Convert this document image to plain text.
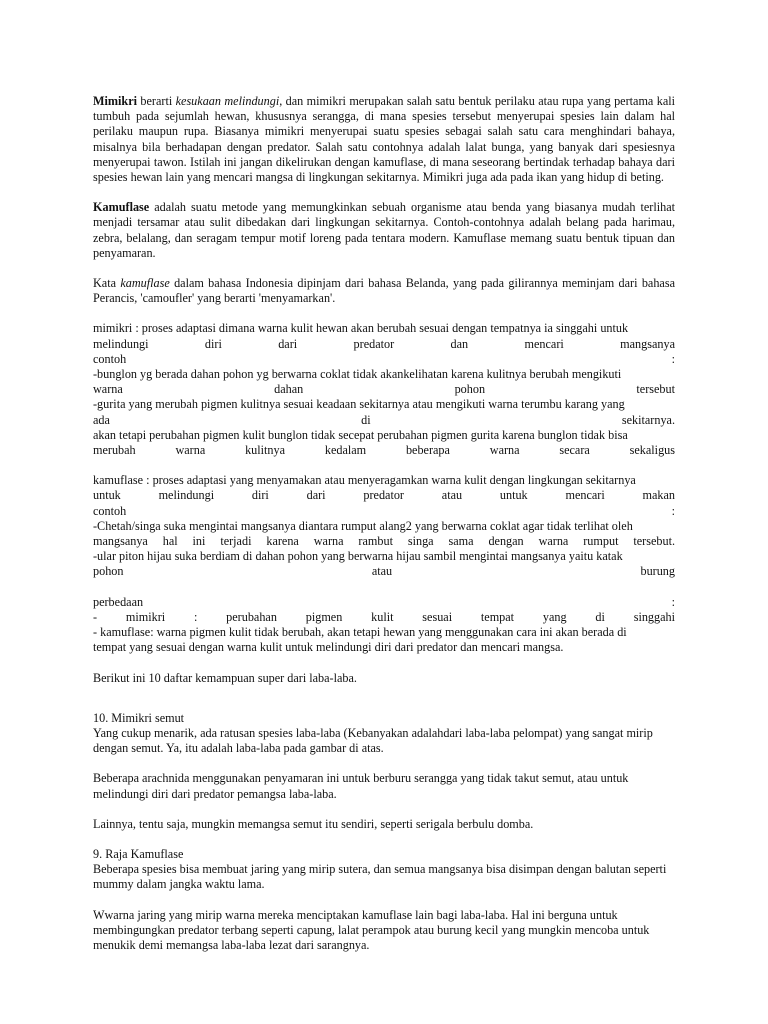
Mimikri berarti kesukaan melindungi, dan mimikri merupakan salah satu bentuk perilaku atau rupa yang pertama kali tumbuh pada sejumlah hewan, khususnya serangga, di mana spesies tersebut menyerupai spesies lain dalam hal perilaku maupun rupa. Biasanya mimikri menyerupai suatu spesies sebagai salah satu cara menghindari bahaya, misalnya bila berhadapan dengan predator. Salah satu contohnya adalah lalat bunga, yang banyak dari spesiesnya menyerupai tawon. Istilah ini jangan dikelirukan dengan kamuflase, di mana seseorang bertindak terhadap bahaya dari spesies hewan lain yang mencari mangsa di lingkungan sekitarnya. Mimikri juga ada pada ikan yang hidup di beting.

Kamuflase adalah suatu metode yang memungkinkan sebuah organisme atau benda yang biasanya mudah terlihat menjadi tersamar atau sulit dibedakan dari lingkungan sekitarnya. Contoh-contohnya adalah belang pada harimau, zebra, belalang, dan seragam tempur motif loreng pada tentara modern. Kamuflase memang suatu bentuk tipuan dan penyamaran.

Kata kamuflase dalam bahasa Indonesia dipinjam dari bahasa Belanda, yang pada gilirannya meminjam dari bahasa Perancis, 'camoufler' yang berarti 'menyamarkan'.

mimikri : proses adaptasi dimana warna kulit hewan akan berubah sesuai dengan tempatnya ia singgahi untuk
melindungi diri dari predator dan mencari mangsanya
contoh :
-bunglon yg berada dahan pohon yg berwarna coklat tidak akankelihatan karena kulitnya berubah mengikuti
warna dahan pohon tersebut
-gurita yang merubah pigmen kulitnya sesuai keadaan sekitarnya atau mengikuti warna terumbu karang yang
ada di sekitarnya.
akan tetapi perubahan pigmen kulit bunglon tidak secepat perubahan pigmen gurita karena bunglon tidak bisa
merubah warna kulitnya kedalam beberapa warna secara sekaligus
kamuflase : proses adaptasi yang menyamakan atau menyeragamkan warna kulit dengan lingkungan sekitarnya
untuk melindungi diri dari predator atau untuk mencari makan
contoh :
-Chetah/singa suka mengintai mangsanya diantara rumput alang2 yang berwarna coklat agar tidak terlihat oleh
mangsanya hal ini terjadi karena warna rambut singa sama dengan warna rumput tersebut.
-ular piton hijau suka berdiam di dahan pohon yang berwarna hijau sambil mengintai mangsanya yaitu katak
pohon atau burung
perbedaan :
- mimikri : perubahan pigmen kulit sesuai tempat yang di singgahi
- kamuflase: warna pigmen kulit tidak berubah, akan tetapi hewan yang menggunakan cara ini akan berada di
tempat yang sesuai dengan warna kulit untuk melindungi diri dari predator dan mencari mangsa.

Berikut ini 10 daftar kemampuan super dari laba-laba.

10. Mimikri semut

Yang cukup menarik, ada ratusan spesies laba-laba (Kebanyakan adalahdari laba-laba pelompat) yang sangat mirip dengan semut. Ya, itu adalah laba-laba pada gambar di atas.

Beberapa arachnida menggunakan penyamaran ini untuk berburu serangga yang tidak takut semut, atau untuk melindungi diri dari predator pemangsa laba-laba.

Lainnya, tentu saja, mungkin memangsa semut itu sendiri, seperti serigala berbulu domba.

9. Raja Kamuflase

Beberapa spesies bisa membuat jaring yang mirip sutera, dan semua mangsanya bisa disimpan dengan balutan seperti mummy dalam jangka waktu lama.

Wwarna jaring yang mirip warna mereka menciptakan kamuflase lain bagi laba-laba. Hal ini berguna untuk membingungkan predator terbang seperti capung, lalat perampok atau burung kecil yang mungkin mencoba untuk menukik demi memangsa laba-laba lezat dari sarangnya.
